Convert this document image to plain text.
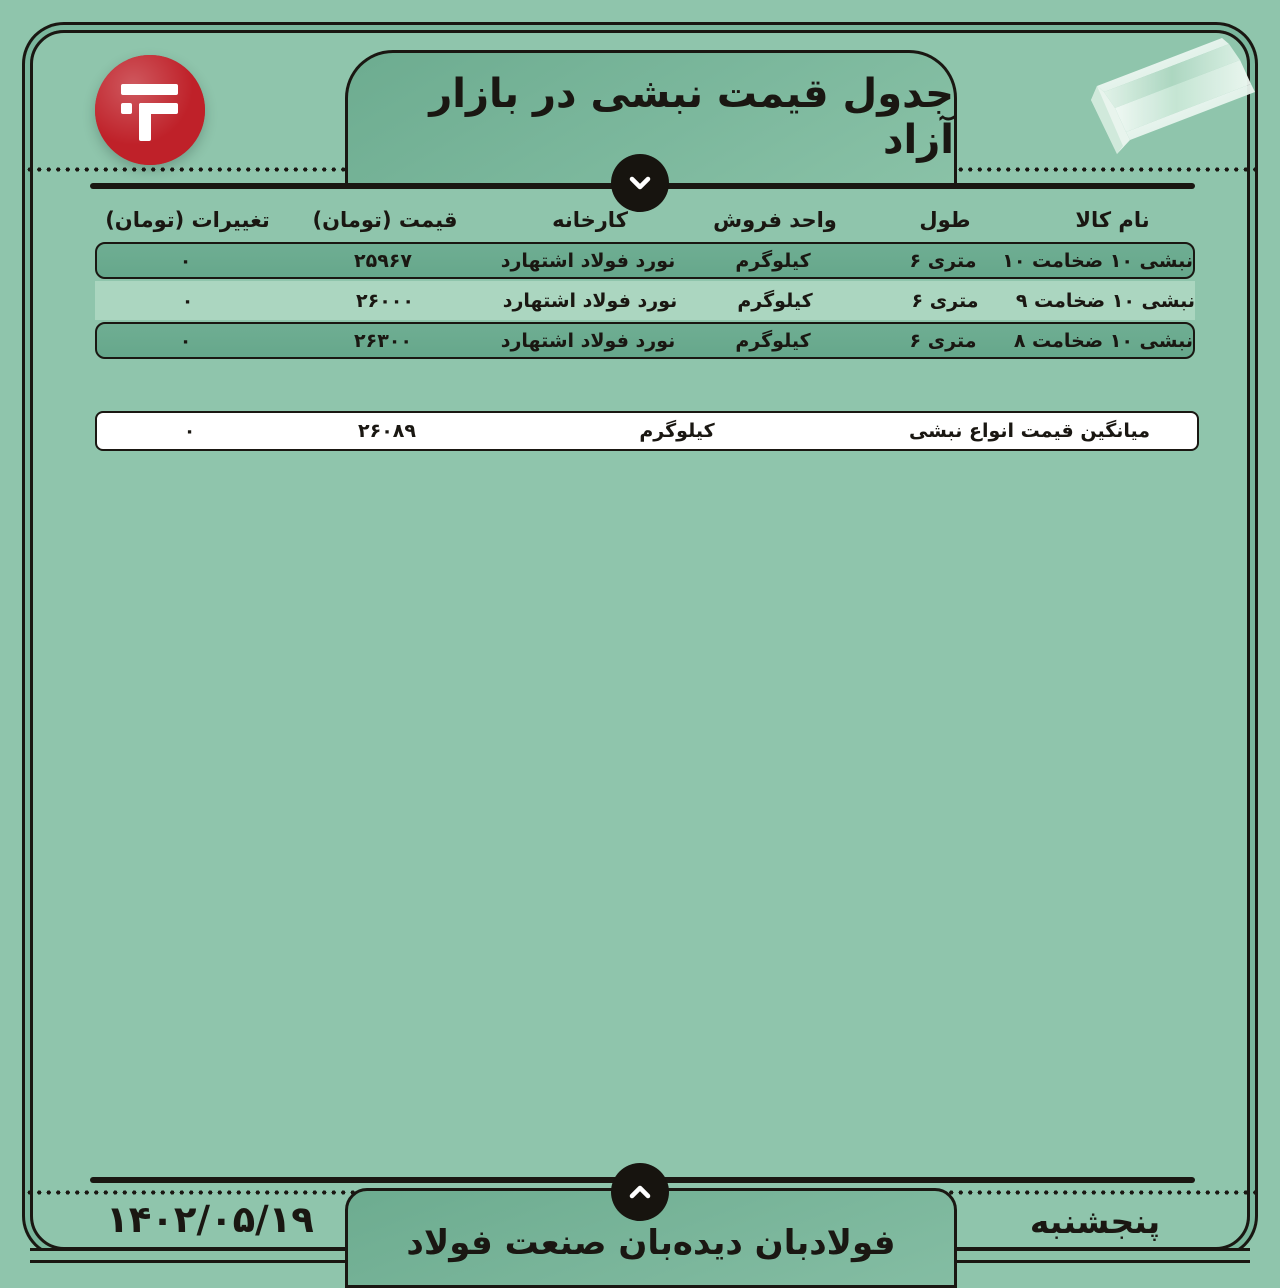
جدول قیمت نبشی در بازار آزاد
نام کالا
طول
واحد فروش
کارخانه
قیمت (تومان)
تغییرات (تومان)
نبشی ۱۰ ضخامت ۱۰
متری ۶
کیلوگرم
نورد فولاد اشتهارد
۲۵۹۶۷
۰
نبشی ۱۰ ضخامت ۹
متری ۶
کیلوگرم
نورد فولاد اشتهارد
۲۶۰۰۰
۰
نبشی ۱۰ ضخامت ۸
متری ۶
کیلوگرم
نورد فولاد اشتهارد
۲۶۳۰۰
۰
میانگین قیمت انواع نبشی
کیلوگرم
۲۶۰۸۹
۰
فولادبان دیده‌بان صنعت فولاد
۱۴۰۲/۰۵/۱۹	پنجشنبه
